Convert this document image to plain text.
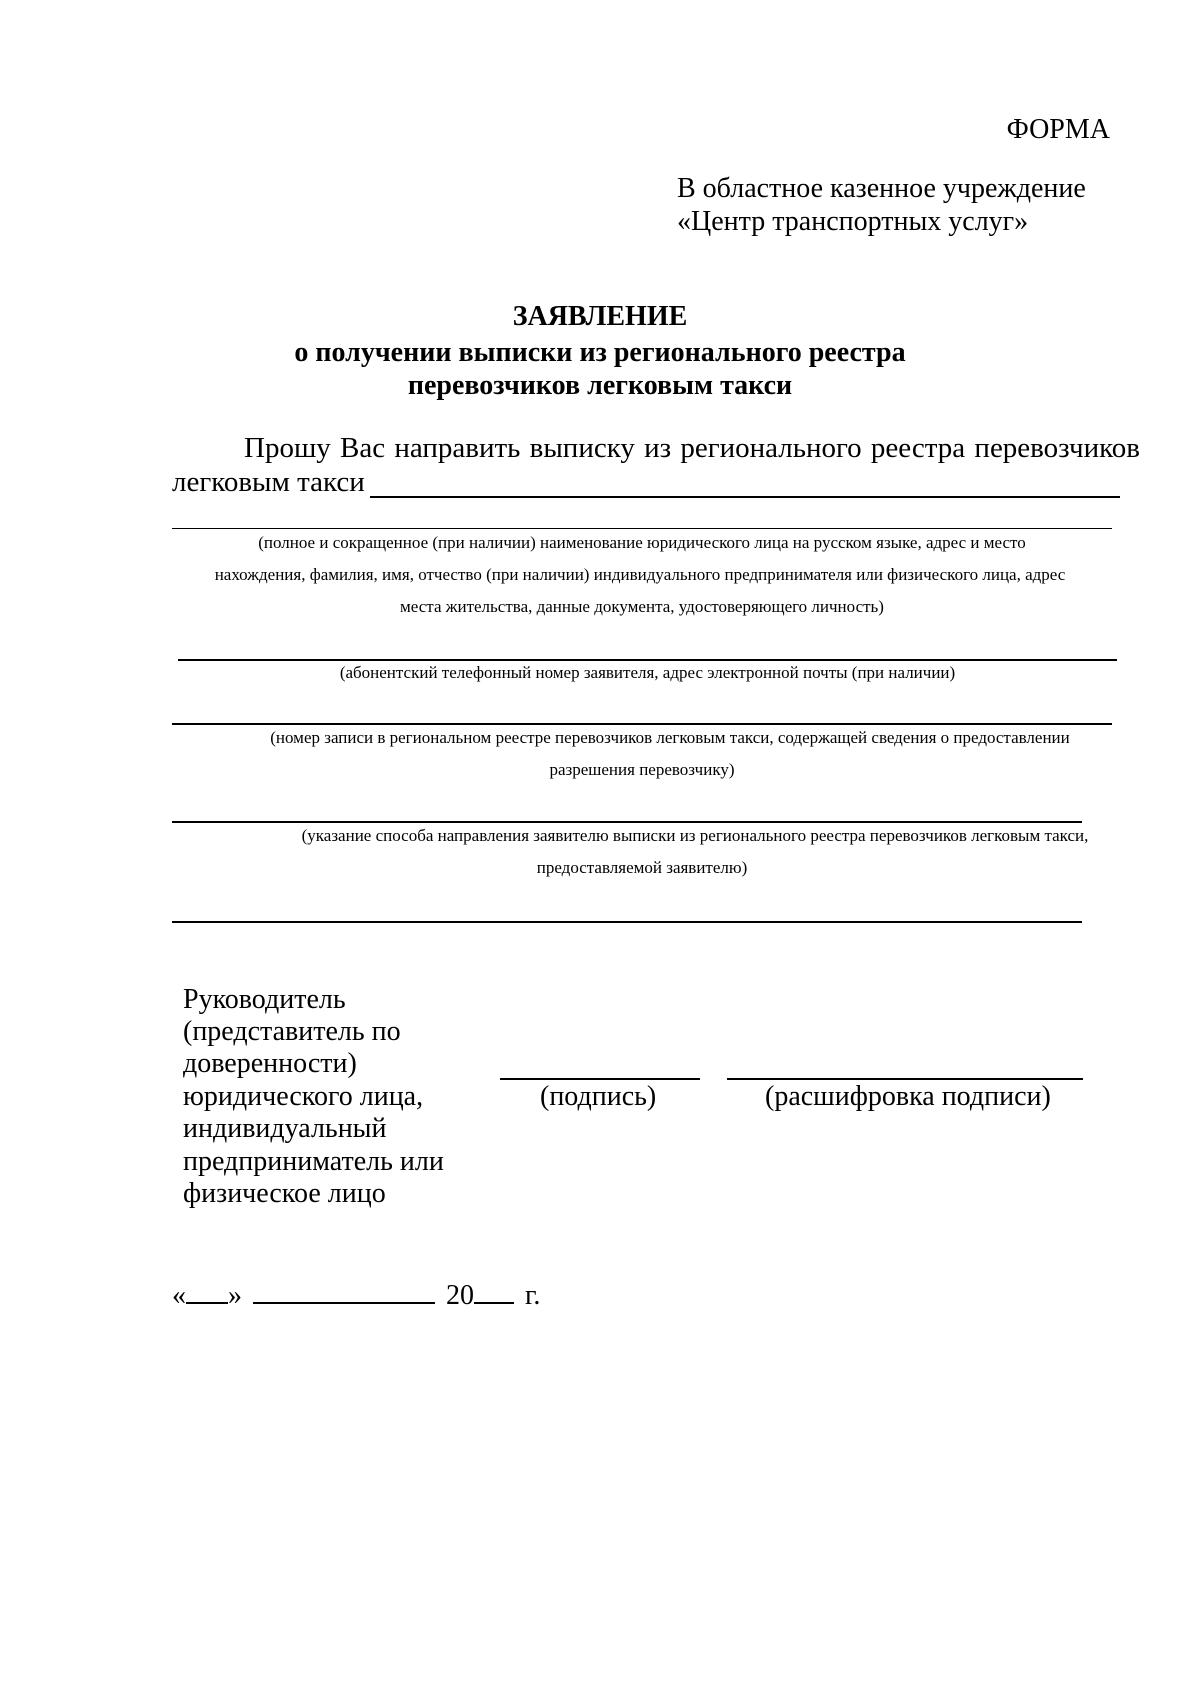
ФОРМА
В областное казенное учреждение
«Центр транспортных услуг»
ЗАЯВЛЕНИЕ
о получении выписки из регионального реестра
перевозчиков легковым такси
Прошу Вас направить выписку из регионального реестра перевозчиков
легковым такси
(полное и сокращенное (при наличии) наименование юридического лица на русском языке, адрес и место
нахождения, фамилия, имя, отчество (при наличии) индивидуального предпринимателя или физического лица, адрес
места жительства, данные документа, удостоверяющего личность)
(абонентский телефонный номер заявителя, адрес электронной почты (при наличии)
(номер записи в региональном реестре перевозчиков легковым такси, содержащей сведения о предоставлении
разрешения перевозчику)
(указание способа направления заявителю выписки из регионального реестра перевозчиков легковым такси,
предоставляемой заявителю)
Руководитель
(представитель по
доверенности)
юридического лица,
индивидуальный
предприниматель или
физическое лицо
(подпись)	(расшифровка подписи)
« »	20 г.
